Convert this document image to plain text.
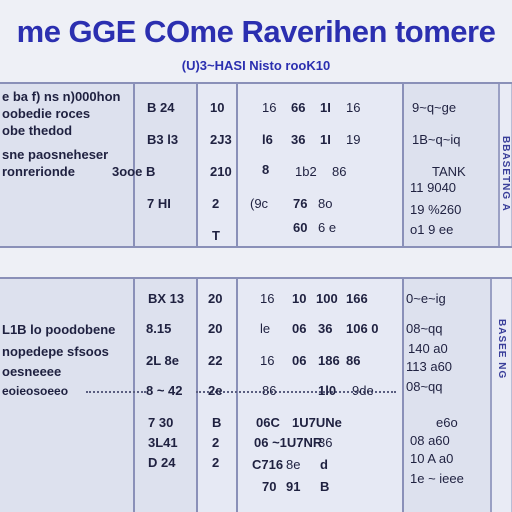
me GGE COme Raverihen tomere
(U)3~HASI Nisto rooK10
e ba f) ns n)000hon
oobedie roces
obe thedod
sne paosneheser
ronrerionde
B 24
B3 l3
3ooe B
7 HI
10
2J3
210
2
T
16 66 1I 16
l6 36 1I 19
8 1b2 86
(9c 76 8o
60 6 e
9~q~ge
1B~q~iq
TANK
11 9040
19 %260
o1 9 ee
BBASETNG A
L1B lo poodobene
nopedepe sfsoos
oesneeee
eoieosoeeo
BX 13
8.15
2L 8e
8 ~ 42
7 30
3L41
D 24
20
20
22
2e
B
2
2
16 10 100 166
le 06 36 106 0
16 06 186 86
86	1l0 9de
06C 1U7UNe
06 ~1U7NR
36
C716 8e d
70 91 B
0~e~ig
08~qq
140 a0
113 a60
08~qq
e6o
08 a60
10 A a0
1e ~ ieee
BASEE NG
